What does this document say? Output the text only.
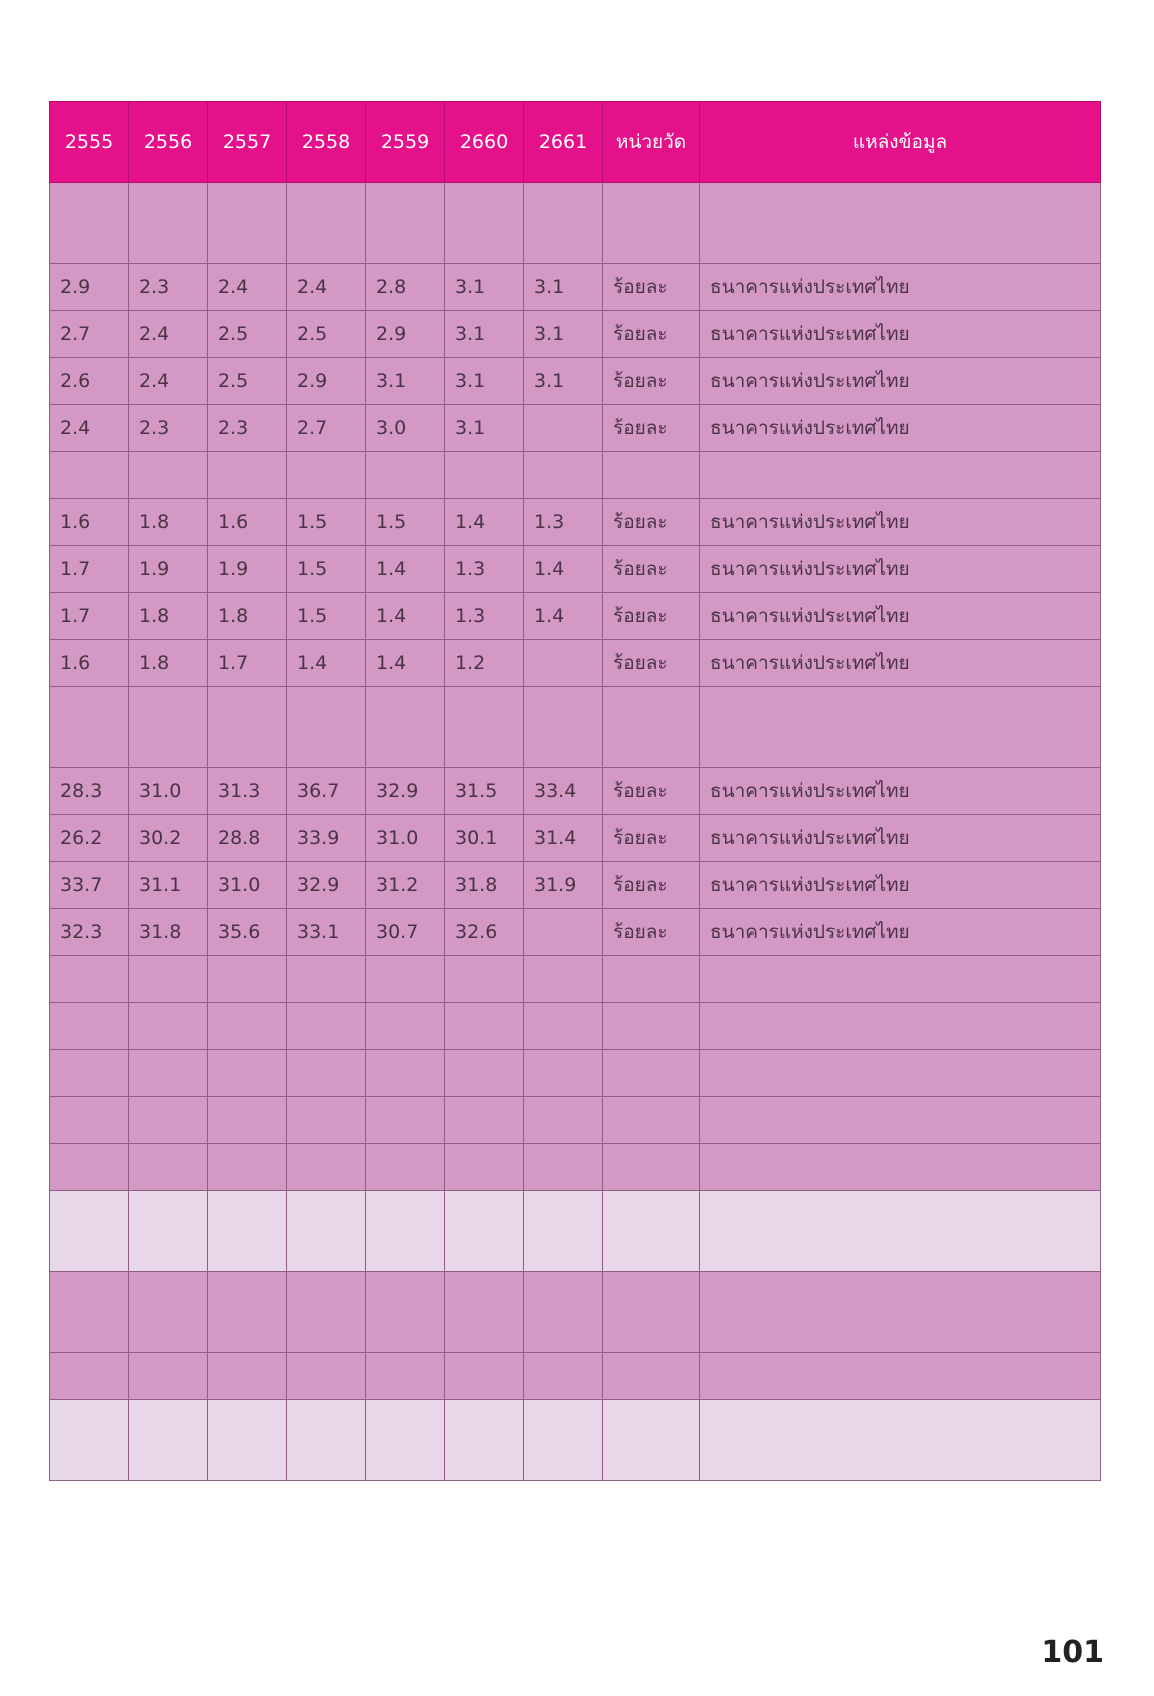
2555	2556	2557	2558	2559	2660	2661	หน่วยวัด	แหล่งข้อมูล

2.9	2.3	2.4	2.4	2.8	3.1	3.1	ร้อยละ	ธนาคารแห่งประเทศไทย
2.7	2.4	2.5	2.5	2.9	3.1	3.1	ร้อยละ	ธนาคารแห่งประเทศไทย
2.6	2.4	2.5	2.9	3.1	3.1	3.1	ร้อยละ	ธนาคารแห่งประเทศไทย
2.4	2.3	2.3	2.7	3.0	3.1		ร้อยละ	ธนาคารแห่งประเทศไทย

1.6	1.8	1.6	1.5	1.5	1.4	1.3	ร้อยละ	ธนาคารแห่งประเทศไทย
1.7	1.9	1.9	1.5	1.4	1.3	1.4	ร้อยละ	ธนาคารแห่งประเทศไทย
1.7	1.8	1.8	1.5	1.4	1.3	1.4	ร้อยละ	ธนาคารแห่งประเทศไทย
1.6	1.8	1.7	1.4	1.4	1.2		ร้อยละ	ธนาคารแห่งประเทศไทย

28.3	31.0	31.3	36.7	32.9	31.5	33.4	ร้อยละ	ธนาคารแห่งประเทศไทย
26.2	30.2	28.8	33.9	31.0	30.1	31.4	ร้อยละ	ธนาคารแห่งประเทศไทย
33.7	31.1	31.0	32.9	31.2	31.8	31.9	ร้อยละ	ธนาคารแห่งประเทศไทย
32.3	31.8	35.6	33.1	30.7	32.6		ร้อยละ	ธนาคารแห่งประเทศไทย

101
